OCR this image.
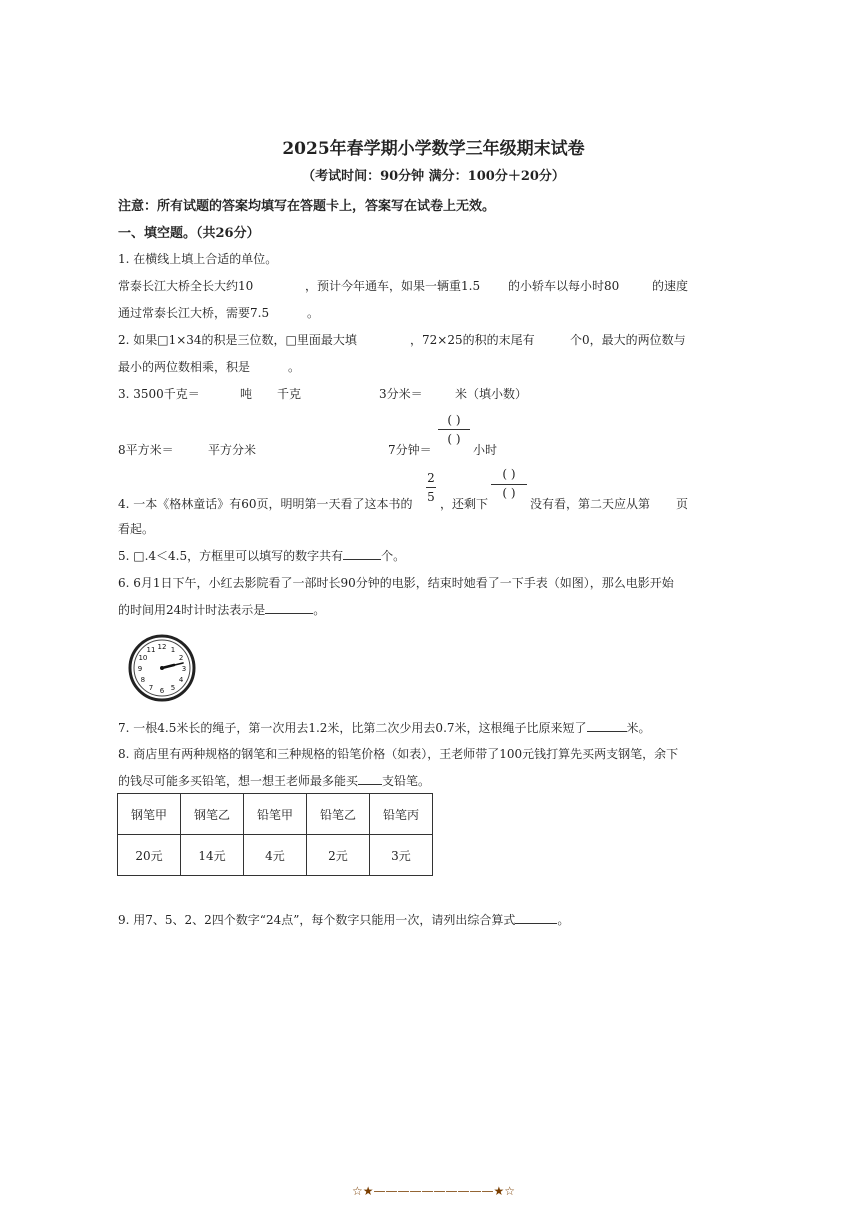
2025年春学期小学数学三年级期末试卷
（考试时间：90分钟 满分：100分＋20分）
注意：所有试题的答案均填写在答题卡上，答案写在试卷上无效。
一、填空题。（共26分）
1. 在横线上填上合适的单位。
常泰长江大桥全长大约10	，预计今年通车，如果一辆重1.5 的小轿车以每小时80	的速度
通过常泰长江大桥，需要7.5	。
2. 如果□1×34的积是三位数，□里面最大填	，72×25的积的末尾有	个0，最大的两位数与
最小的两位数相乘，积是	。
3. 3500千克＝	吨 千克	3分米＝	米（填小数）
8平方米＝	平方分米	7分钟＝
( )
( )
小时
4. 一本《格林童话》有60页，明明第一天看了这本书的
2
5 ，还剩下
( )
( )
没有看，第二天应从第 页
看起。
5. □.4＜4.5，方框里可以填写的数字共有	个。
6. 6月1日下午，小红去影院看了一部时长90分钟的电影，结束时她看了一下手表（如图），那么电影开始
的时间用24时计时法表示是	。
12 1
2
3
4
5
6
7
8
9
10
11
7. 一根4.5米长的绳子，第一次用去1.2米，比第二次少用去0.7米，这根绳子比原来短了	米。
8. 商店里有两种规格的钢笔和三种规格的铅笔价格（如表），王老师带了100元钱打算先买两支钢笔，余下
的钱尽可能多买铅笔，想一想王老师最多能买 支铅笔。
钢笔甲	钢笔乙	铅笔甲	铅笔乙	铅笔丙
20元	14元	4元	2元	3元
9. 用7、5、2、2四个数字“24点”，每个数字只能用一次，请列出综合算式	。
☆★——————————★☆
